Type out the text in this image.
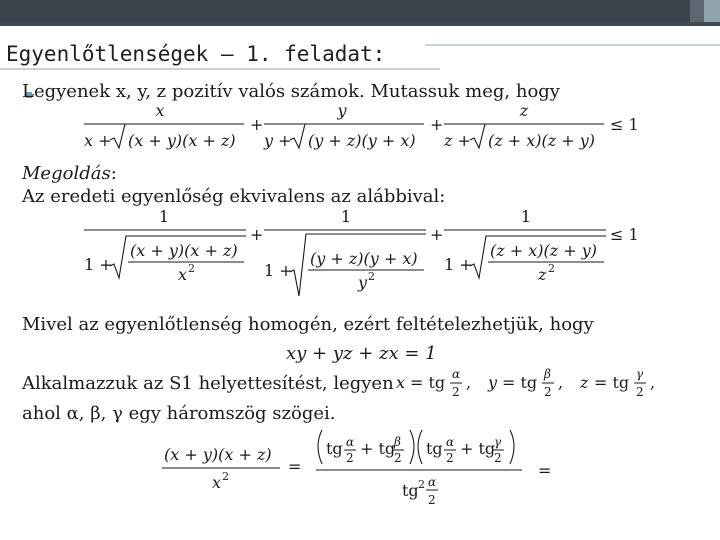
Egyenlőtlenségek – 1. feladat:
Legyenek x, y, z pozitív valós számok. Mutassuk meg, hogy
x
x + (x + y)(x + z)
+
y
y + (y + z)(y + x)
+
z
z + (z + x)(z + y)
≤ 1
Megoldás:
Az eredeti egyenlőség ekvivalens az alábbival:
1
1 +
(x + y)(x + z)
x 2
+
1
1 +
(y + z)(y + x)
y 2
+
1
1 +
(z + x)(z + y)
z 2
≤ 1
Mivel az egyenlőtlenség homogén, ezért feltételezhetjük, hogy
xy + yz + zx = 1
Alkalmazzuk az S1 helyettesítést, legyen x = tg α
2 , y = tg β
2 , z = tg γ
2 ,
ahol α, β, γ egy háromszög szögei.
(x + y)(x + z)
x 2
=
tg α
2 + tg
β
2 tg α
2 + tg
γ
2
tg 2 α
2
=
